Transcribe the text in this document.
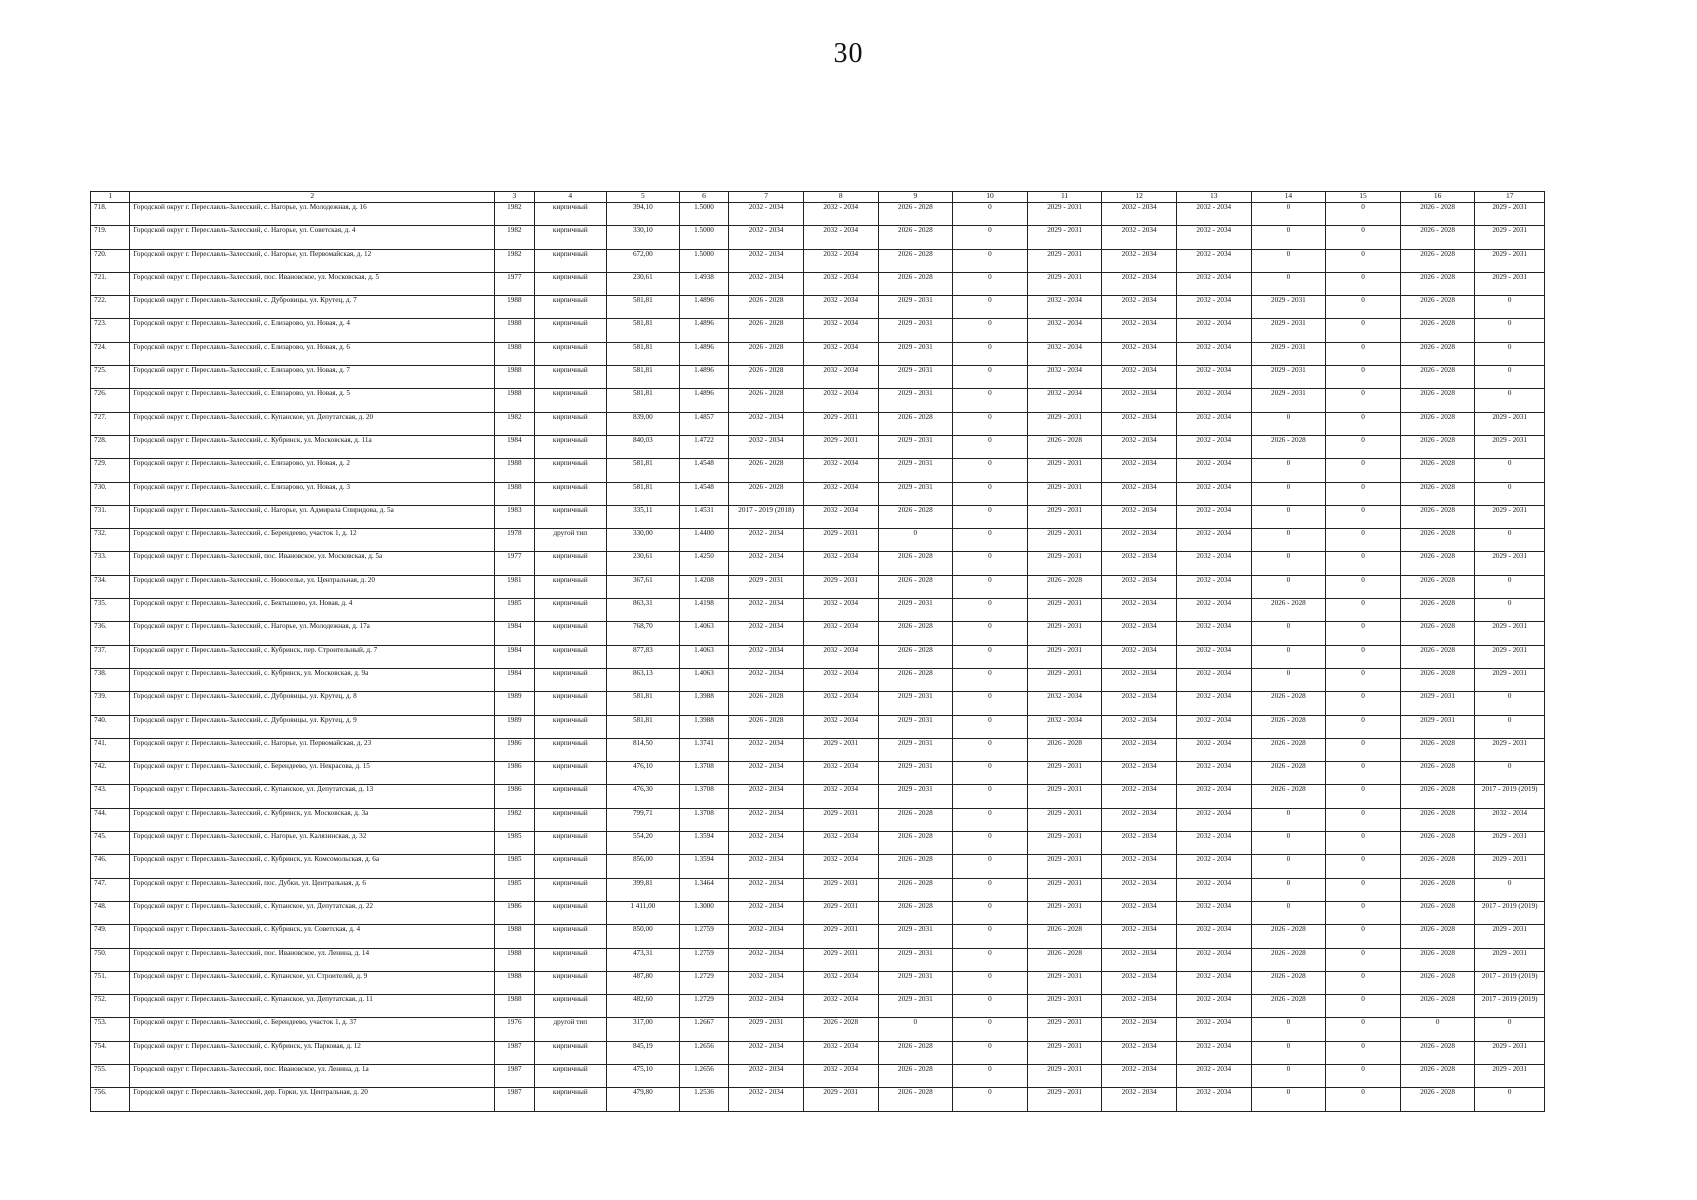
30
1	2	3	4	5	6	7	8	9	10	11	12	13	14	15	16	17
718.	Городской округ г. Переславль-Залесский, с. Нагорье, ул. Молодежная, д. 16	1982	кирпичный	394,10	1.5000	2032 - 2034	2032 - 2034	2026 - 2028	0	2029 - 2031	2032 - 2034	2032 - 2034	0	0	2026 - 2028	2029 - 2031
719.	Городской округ г. Переславль-Залесский, с. Нагорье, ул. Советская, д. 4	1982	кирпичный	330,10	1.5000	2032 - 2034	2032 - 2034	2026 - 2028	0	2029 - 2031	2032 - 2034	2032 - 2034	0	0	2026 - 2028	2029 - 2031
720.	Городской округ г. Переславль-Залесский, с. Нагорье, ул. Первомайская, д. 12	1982	кирпичный	672,00	1.5000	2032 - 2034	2032 - 2034	2026 - 2028	0	2029 - 2031	2032 - 2034	2032 - 2034	0	0	2026 - 2028	2029 - 2031
721.	Городской округ г. Переславль-Залесский, пос. Ивановское, ул. Московская, д. 5	1977	кирпичный	230,61	1.4938	2032 - 2034	2032 - 2034	2026 - 2028	0	2029 - 2031	2032 - 2034	2032 - 2034	0	0	2026 - 2028	2029 - 2031
722.	Городской округ г. Переславль-Залесский, с. Дубровицы, ул. Крутец, д. 7	1988	кирпичный	581,81	1.4896	2026 - 2028	2032 - 2034	2029 - 2031	0	2032 - 2034	2032 - 2034	2032 - 2034	2029 - 2031	0	2026 - 2028	0
723.	Городской округ г. Переславль-Залесский, с. Елизарово, ул. Новая, д. 4	1988	кирпичный	581,81	1.4896	2026 - 2028	2032 - 2034	2029 - 2031	0	2032 - 2034	2032 - 2034	2032 - 2034	2029 - 2031	0	2026 - 2028	0
724.	Городской округ г. Переславль-Залесский, с. Елизарово, ул. Новая, д. 6	1988	кирпичный	581,81	1.4896	2026 - 2028	2032 - 2034	2029 - 2031	0	2032 - 2034	2032 - 2034	2032 - 2034	2029 - 2031	0	2026 - 2028	0
725.	Городской округ г. Переславль-Залесский, с. Елизарово, ул. Новая, д. 7	1988	кирпичный	581,81	1.4896	2026 - 2028	2032 - 2034	2029 - 2031	0	2032 - 2034	2032 - 2034	2032 - 2034	2029 - 2031	0	2026 - 2028	0
726.	Городской округ г. Переславль-Залесский, с. Елизарово, ул. Новая, д. 5	1988	кирпичный	581,81	1.4896	2026 - 2028	2032 - 2034	2029 - 2031	0	2032 - 2034	2032 - 2034	2032 - 2034	2029 - 2031	0	2026 - 2028	0
727.	Городской округ г. Переславль-Залесский, с. Купанское, ул. Депутатская, д. 20	1982	кирпичный	839,00	1.4857	2032 - 2034	2029 - 2031	2026 - 2028	0	2029 - 2031	2032 - 2034	2032 - 2034	0	0	2026 - 2028	2029 - 2031
728.	Городской округ г. Переславль-Залесский, с. Кубринск, ул. Московская, д. 11а	1984	кирпичный	840,03	1.4722	2032 - 2034	2029 - 2031	2029 - 2031	0	2026 - 2028	2032 - 2034	2032 - 2034	2026 - 2028	0	2026 - 2028	2029 - 2031
729.	Городской округ г. Переславль-Залесский, с. Елизарово, ул. Новая, д. 2	1988	кирпичный	581,81	1.4548	2026 - 2028	2032 - 2034	2029 - 2031	0	2029 - 2031	2032 - 2034	2032 - 2034	0	0	2026 - 2028	0
730.	Городской округ г. Переславль-Залесский, с. Елизарово, ул. Новая, д. 3	1988	кирпичный	581,81	1.4548	2026 - 2028	2032 - 2034	2029 - 2031	0	2029 - 2031	2032 - 2034	2032 - 2034	0	0	2026 - 2028	0
731.	Городской округ г. Переславль-Залесский, с. Нагорье, ул. Адмирала Спиридова, д. 5а	1983	кирпичный	335,11	1.4531	2017 - 2019 (2018)	2032 - 2034	2026 - 2028	0	2029 - 2031	2032 - 2034	2032 - 2034	0	0	2026 - 2028	2029 - 2031
732.	Городской округ г. Переславль-Залесский, с. Берендеево, участок 1, д. 12	1978	другой тип	330,00	1.4400	2032 - 2034	2029 - 2031	0	0	2029 - 2031	2032 - 2034	2032 - 2034	0	0	2026 - 2028	0
733.	Городской округ г. Переславль-Залесский, пос. Ивановское, ул. Московская, д. 5а	1977	кирпичный	230,61	1.4250	2032 - 2034	2032 - 2034	2026 - 2028	0	2029 - 2031	2032 - 2034	2032 - 2034	0	0	2026 - 2028	2029 - 2031
734.	Городской округ г. Переславль-Залесский, с. Новоселье, ул. Центральная, д. 20	1981	кирпичный	367,61	1.4208	2029 - 2031	2029 - 2031	2026 - 2028	0	2026 - 2028	2032 - 2034	2032 - 2034	0	0	2026 - 2028	0
735.	Городской округ г. Переславль-Залесский, с. Бектышево, ул. Новая, д. 4	1985	кирпичный	863,31	1.4198	2032 - 2034	2032 - 2034	2029 - 2031	0	2029 - 2031	2032 - 2034	2032 - 2034	2026 - 2028	0	2026 - 2028	0
736.	Городской округ г. Переславль-Залесский, с. Нагорье, ул. Молодежная, д. 17а	1984	кирпичный	768,70	1.4063	2032 - 2034	2032 - 2034	2026 - 2028	0	2029 - 2031	2032 - 2034	2032 - 2034	0	0	2026 - 2028	2029 - 2031
737.	Городской округ г. Переславль-Залесский, с. Кубринск, пер. Строительный, д. 7	1984	кирпичный	877,83	1.4063	2032 - 2034	2032 - 2034	2026 - 2028	0	2029 - 2031	2032 - 2034	2032 - 2034	0	0	2026 - 2028	2029 - 2031
738.	Городской округ г. Переславль-Залесский, с. Кубринск, ул. Московская, д. 9а	1984	кирпичный	863,13	1.4063	2032 - 2034	2032 - 2034	2026 - 2028	0	2029 - 2031	2032 - 2034	2032 - 2034	0	0	2026 - 2028	2029 - 2031
739.	Городской округ г. Переславль-Залесский, с. Дубровицы, ул. Крутец, д. 8	1989	кирпичный	581,81	1.3988	2026 - 2028	2032 - 2034	2029 - 2031	0	2032 - 2034	2032 - 2034	2032 - 2034	2026 - 2028	0	2029 - 2031	0
740.	Городской округ г. Переславль-Залесский, с. Дубровицы, ул. Крутец, д. 9	1989	кирпичный	581,81	1.3988	2026 - 2028	2032 - 2034	2029 - 2031	0	2032 - 2034	2032 - 2034	2032 - 2034	2026 - 2028	0	2029 - 2031	0
741.	Городской округ г. Переславль-Залесский, с. Нагорье, ул. Первомайская, д. 23	1986	кирпичный	814,50	1.3741	2032 - 2034	2029 - 2031	2029 - 2031	0	2026 - 2028	2032 - 2034	2032 - 2034	2026 - 2028	0	2026 - 2028	2029 - 2031
742.	Городской округ г. Переславль-Залесский, с. Берендеево, ул. Некрасова, д. 15	1986	кирпичный	476,10	1.3708	2032 - 2034	2032 - 2034	2029 - 2031	0	2029 - 2031	2032 - 2034	2032 - 2034	2026 - 2028	0	2026 - 2028	0
743.	Городской округ г. Переславль-Залесский, с. Купанское, ул. Депутатская, д. 13	1986	кирпичный	476,30	1.3708	2032 - 2034	2032 - 2034	2029 - 2031	0	2029 - 2031	2032 - 2034	2032 - 2034	2026 - 2028	0	2026 - 2028	2017 - 2019 (2019)
744.	Городской округ г. Переславль-Залесский, с. Кубринск, ул. Московская, д. 3а	1982	кирпичный	799,71	1.3708	2032 - 2034	2029 - 2031	2026 - 2028	0	2029 - 2031	2032 - 2034	2032 - 2034	0	0	2026 - 2028	2032 - 2034
745.	Городской округ г. Переславль-Залесский, с. Нагорье, ул. Калязинская, д. 32	1985	кирпичный	554,20	1.3594	2032 - 2034	2032 - 2034	2026 - 2028	0	2029 - 2031	2032 - 2034	2032 - 2034	0	0	2026 - 2028	2029 - 2031
746.	Городской округ г. Переславль-Залесский, с. Кубринск, ул. Комсомольская, д. 6а	1985	кирпичный	856,00	1.3594	2032 - 2034	2032 - 2034	2026 - 2028	0	2029 - 2031	2032 - 2034	2032 - 2034	0	0	2026 - 2028	2029 - 2031
747.	Городской округ г. Переславль-Залесский, пос. Дубки, ул. Центральная, д. 6	1985	кирпичный	399,81	1.3464	2032 - 2034	2029 - 2031	2026 - 2028	0	2029 - 2031	2032 - 2034	2032 - 2034	0	0	2026 - 2028	0
748.	Городской округ г. Переславль-Залесский, с. Купанское, ул. Депутатская, д. 22	1986	кирпичный	1 411,00	1.3000	2032 - 2034	2029 - 2031	2026 - 2028	0	2029 - 2031	2032 - 2034	2032 - 2034	0	0	2026 - 2028	2017 - 2019 (2019)
749.	Городской округ г. Переславль-Залесский, с. Кубринск, ул. Советская, д. 4	1988	кирпичный	850,00	1.2759	2032 - 2034	2029 - 2031	2029 - 2031	0	2026 - 2028	2032 - 2034	2032 - 2034	2026 - 2028	0	2026 - 2028	2029 - 2031
750.	Городской округ г. Переславль-Залесский, пос. Ивановское, ул. Ленина, д. 14	1988	кирпичный	473,31	1.2759	2032 - 2034	2029 - 2031	2029 - 2031	0	2026 - 2028	2032 - 2034	2032 - 2034	2026 - 2028	0	2026 - 2028	2029 - 2031
751.	Городской округ г. Переславль-Залесский, с. Купанское, ул. Строителей, д. 9	1988	кирпичный	487,80	1.2729	2032 - 2034	2032 - 2034	2029 - 2031	0	2029 - 2031	2032 - 2034	2032 - 2034	2026 - 2028	0	2026 - 2028	2017 - 2019 (2019)
752.	Городской округ г. Переславль-Залесский, с. Купанское, ул. Депутатская, д. 11	1988	кирпичный	482,60	1.2729	2032 - 2034	2032 - 2034	2029 - 2031	0	2029 - 2031	2032 - 2034	2032 - 2034	2026 - 2028	0	2026 - 2028	2017 - 2019 (2019)
753.	Городской округ г. Переславль-Залесский, с. Берендеево, участок 1, д. 37	1976	другой тип	317,00	1.2667	2029 - 2031	2026 - 2028	0	0	2029 - 2031	2032 - 2034	2032 - 2034	0	0	0	0
754.	Городской округ г. Переславль-Залесский, с. Кубринск, ул. Парковая, д. 12	1987	кирпичный	845,19	1.2656	2032 - 2034	2032 - 2034	2026 - 2028	0	2029 - 2031	2032 - 2034	2032 - 2034	0	0	2026 - 2028	2029 - 2031
755.	Городской округ г. Переславль-Залесский, пос. Ивановское, ул. Ленина, д. 1а	1987	кирпичный	475,10	1.2656	2032 - 2034	2032 - 2034	2026 - 2028	0	2029 - 2031	2032 - 2034	2032 - 2034	0	0	2026 - 2028	2029 - 2031
756.	Городской округ г. Переславль-Залесский, дер. Горки, ул. Центральная, д. 20	1987	кирпичный	479,80	1.2536	2032 - 2034	2029 - 2031	2026 - 2028	0	2029 - 2031	2032 - 2034	2032 - 2034	0	0	2026 - 2028	0
